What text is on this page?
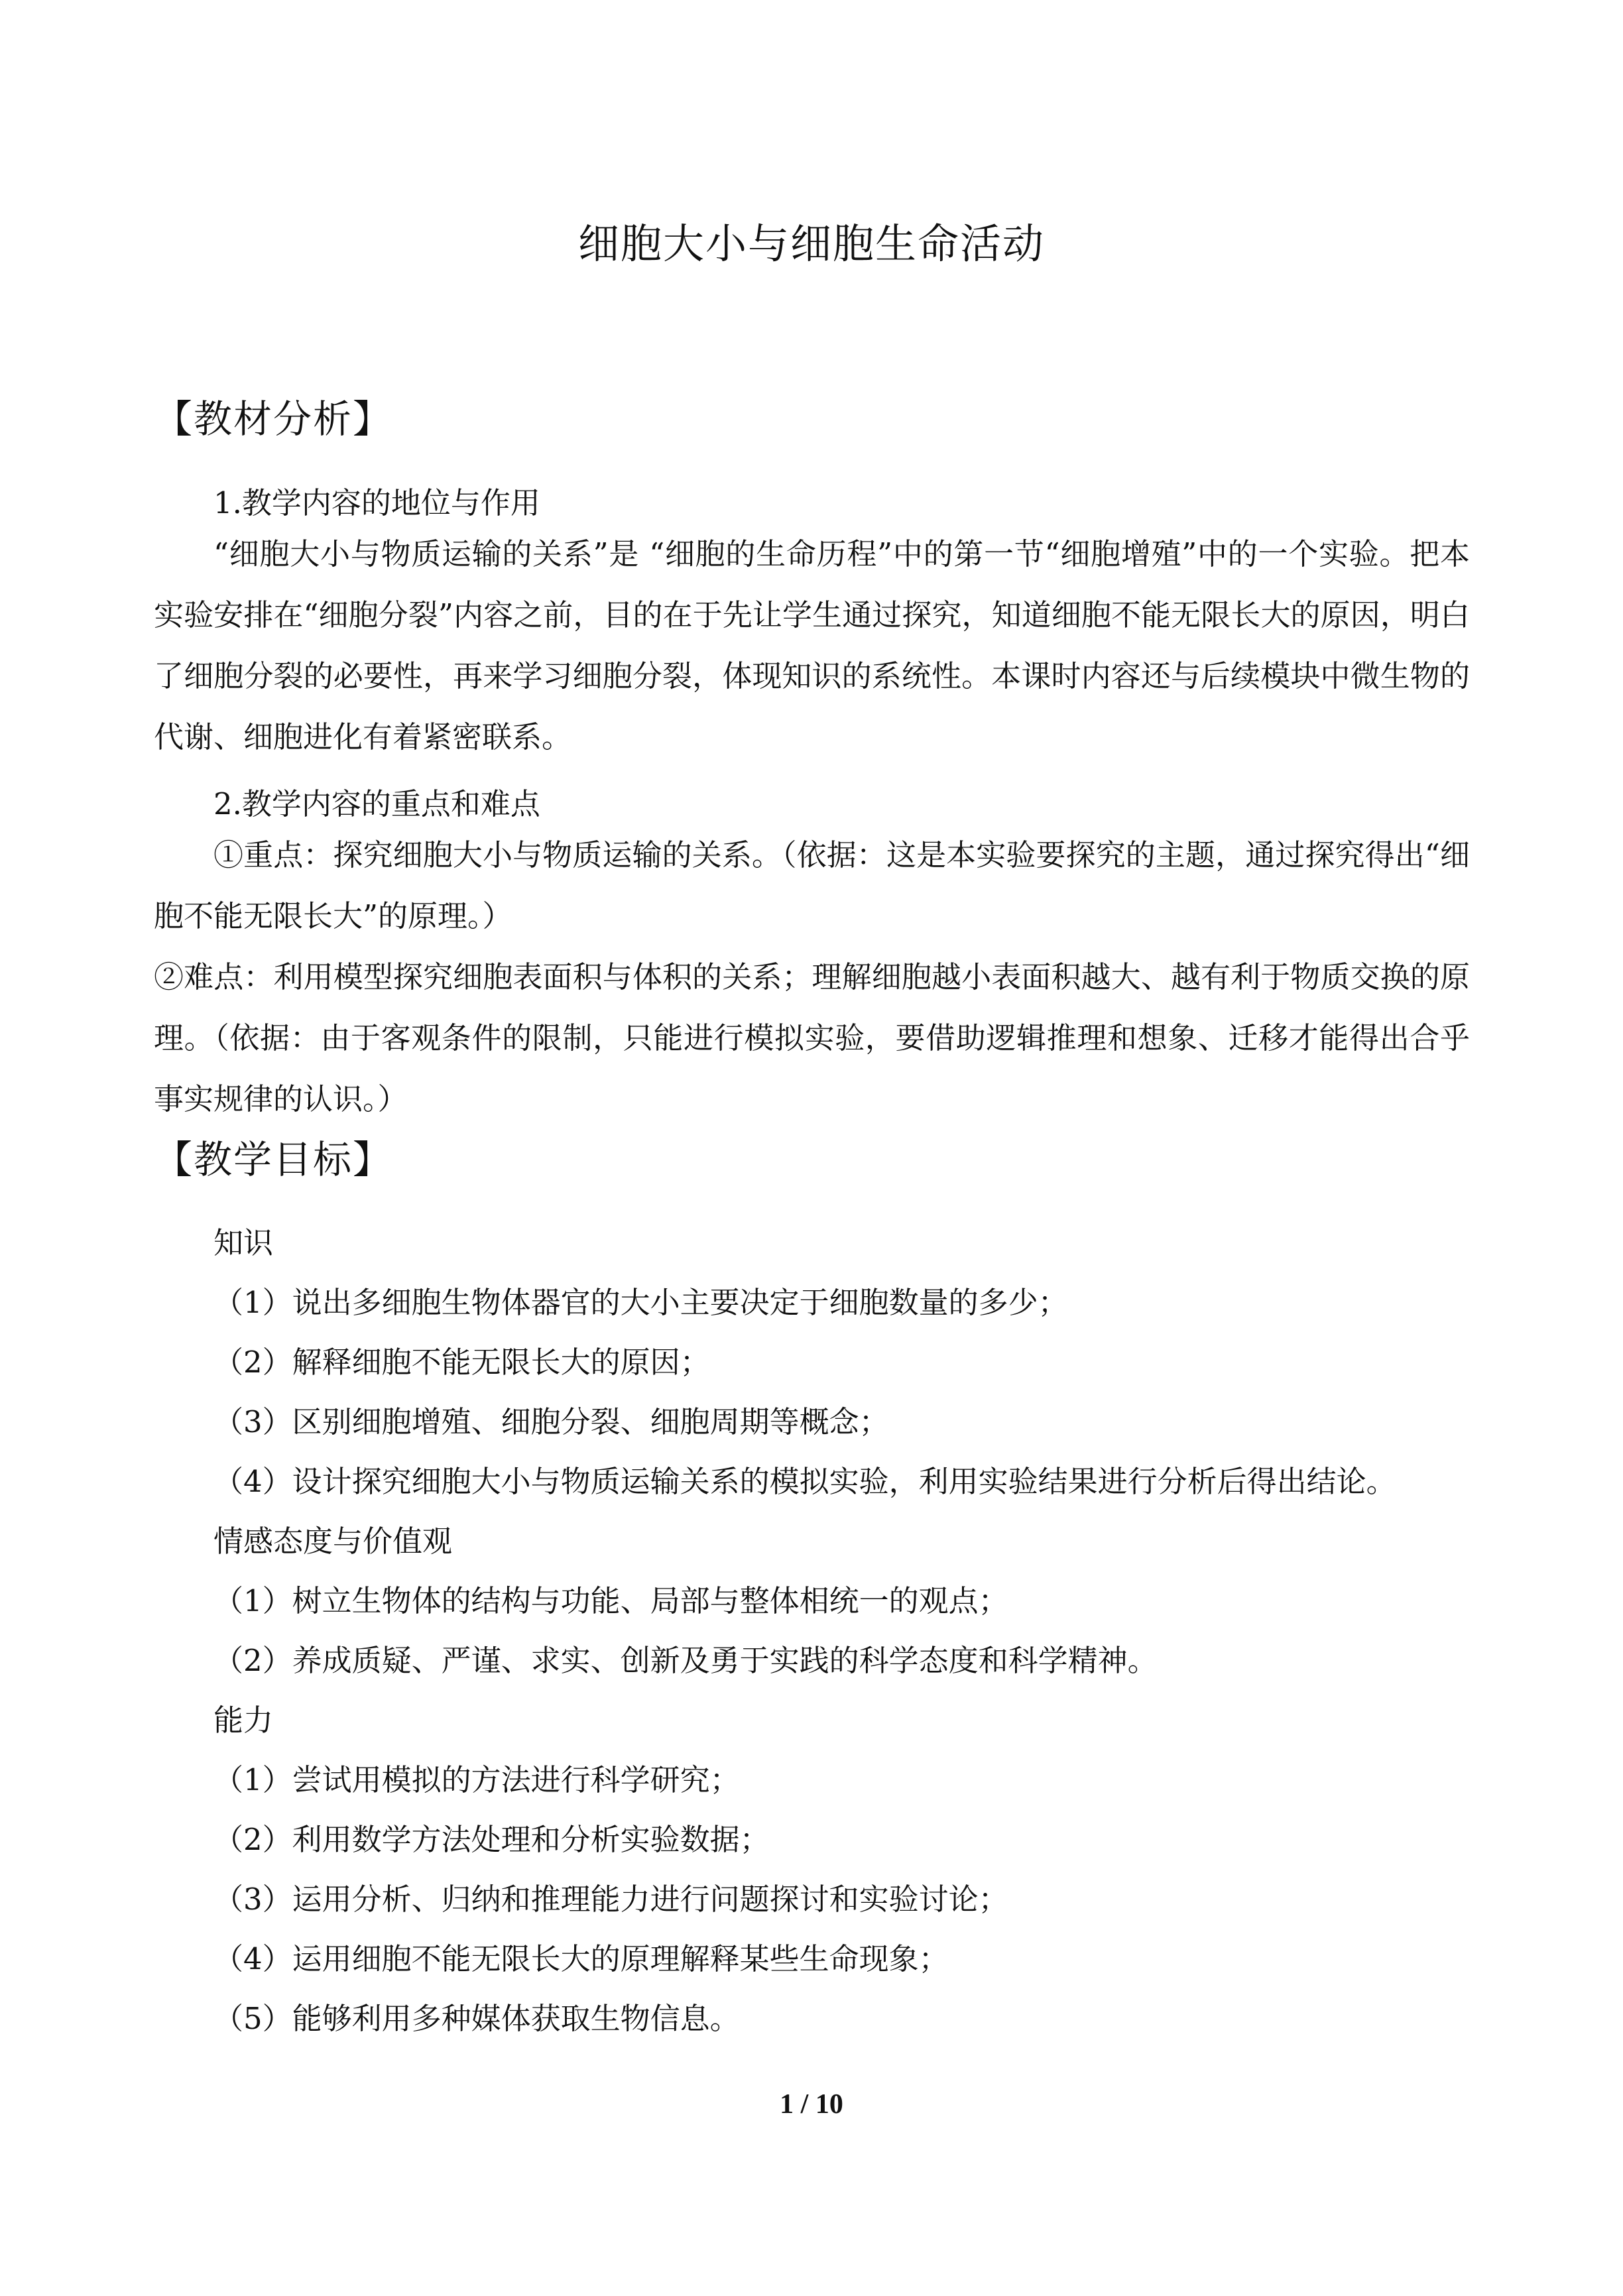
细胞大小与细胞生命活动
【教材分析】
1.教学内容的地位与作用
“细胞大小与物质运输的关系”是 “细胞的生命历程”中的第一节“细胞增殖”中的一个实验。把本实验安排在“细胞分裂”内容之前，目的在于先让学生通过探究，知道细胞不能无限长大的原因，明白了细胞分裂的必要性，再来学习细胞分裂，体现知识的系统性。本课时内容还与后续模块中微生物的代谢、细胞进化有着紧密联系。
2.教学内容的重点和难点
①重点：探究细胞大小与物质运输的关系。（依据：这是本实验要探究的主题，通过探究得出“细胞不能无限长大”的原理。）
②难点：利用模型探究细胞表面积与体积的关系；理解细胞越小表面积越大、越有利于物质交换的原理。（依据：由于客观条件的限制，只能进行模拟实验，要借助逻辑推理和想象、迁移才能得出合乎事实规律的认识。）
【教学目标】
知识
（1）说出多细胞生物体器官的大小主要决定于细胞数量的多少；
（2）解释细胞不能无限长大的原因；
（3）区别细胞增殖、细胞分裂、细胞周期等概念；
（4）设计探究细胞大小与物质运输关系的模拟实验，利用实验结果进行分析后得出结论。
情感态度与价值观
（1）树立生物体的结构与功能、局部与整体相统一的观点；
（2）养成质疑、严谨、求实、创新及勇于实践的科学态度和科学精神。
能力
（1）尝试用模拟的方法进行科学研究；
（2）利用数学方法处理和分析实验数据；
（3）运用分析、归纳和推理能力进行问题探讨和实验讨论；
（4）运用细胞不能无限长大的原理解释某些生命现象；
（5）能够利用多种媒体获取生物信息。
1 / 10
